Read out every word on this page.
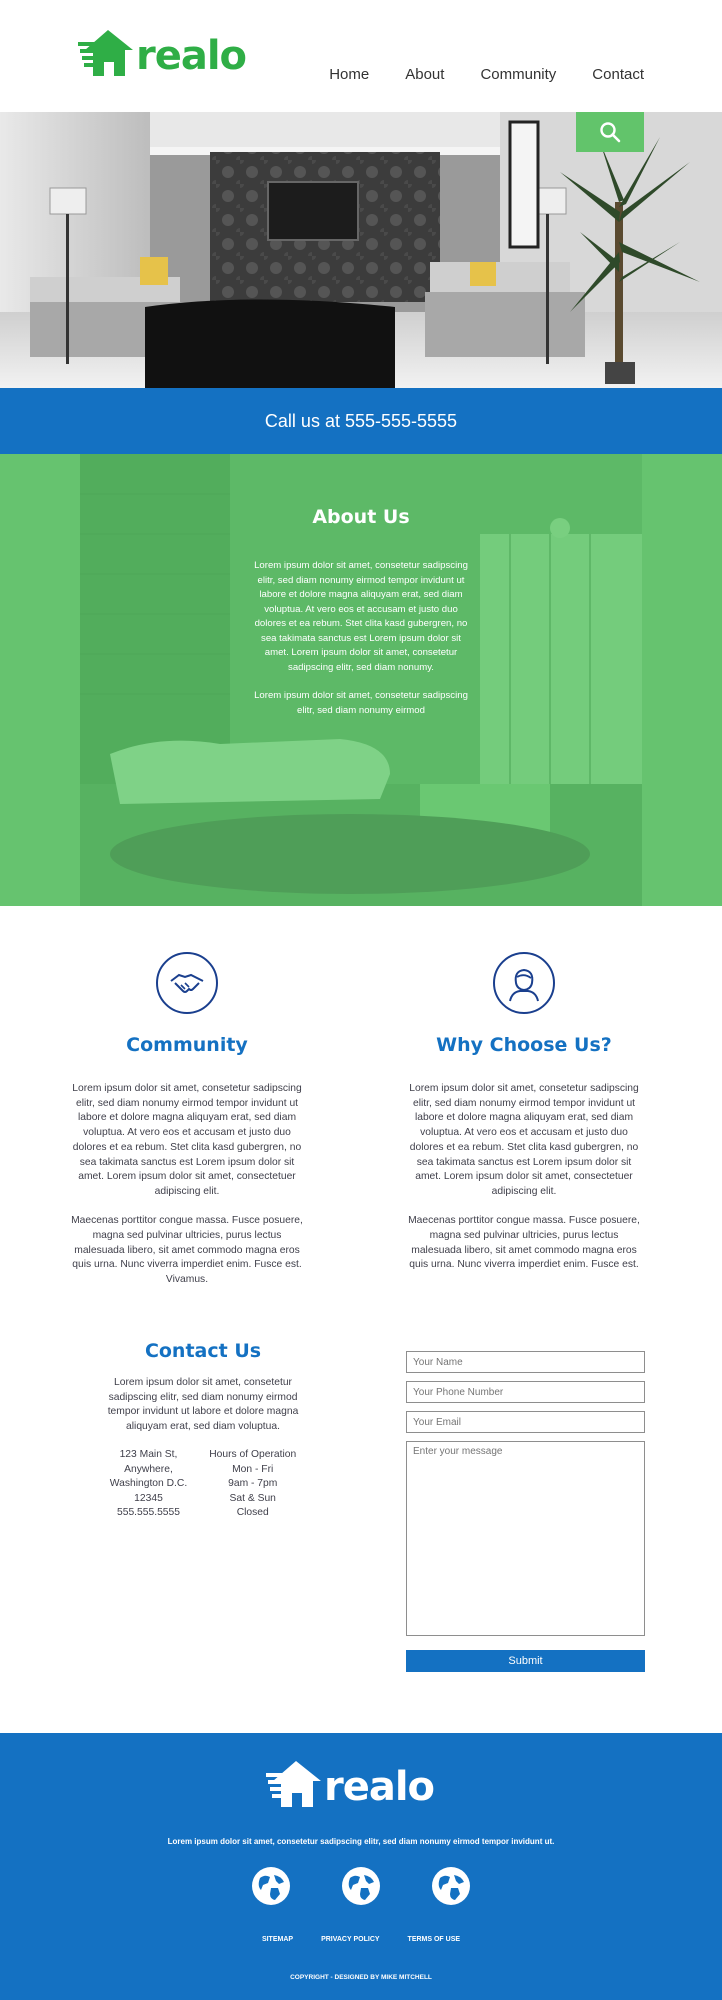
realo	Home About Community Contact
Call us at 555-555-5555
About Us

Lorem ipsum dolor sit amet, consetetur sadipscing elitr, sed diam nonumy eirmod tempor invidunt ut labore et dolore magna aliquyam erat, sed diam voluptua. At vero eos et accusam et justo duo dolores et ea rebum. Stet clita kasd gubergren, no sea takimata sanctus est Lorem ipsum dolor sit amet. Lorem ipsum dolor sit amet, consetetur sadipscing elitr, sed diam nonumy.

Lorem ipsum dolor sit amet, consetetur sadipscing elitr, sed diam nonumy eirmod

Community

Lorem ipsum dolor sit amet, consetetur sadipscing elitr, sed diam nonumy eirmod tempor invidunt ut labore et dolore magna aliquyam erat, sed diam voluptua. At vero eos et accusam et justo duo dolores et ea rebum. Stet clita kasd gubergren, no sea takimata sanctus est Lorem ipsum dolor sit amet. Lorem ipsum dolor sit amet, consectetuer adipiscing elit.

Maecenas porttitor congue massa. Fusce posuere, magna sed pulvinar ultricies, purus lectus malesuada libero, sit amet commodo magna eros quis urna. Nunc viverra imperdiet enim. Fusce est. Vivamus.

Why Choose Us?

Lorem ipsum dolor sit amet, consetetur sadipscing elitr, sed diam nonumy eirmod tempor invidunt ut labore et dolore magna aliquyam erat, sed diam voluptua. At vero eos et accusam et justo duo dolores et ea rebum. Stet clita kasd gubergren, no sea takimata sanctus est Lorem ipsum dolor sit amet. Lorem ipsum dolor sit amet, consectetuer adipiscing elit.

Maecenas porttitor congue massa. Fusce posuere, magna sed pulvinar ultricies, purus lectus malesuada libero, sit amet commodo magna eros quis urna. Nunc viverra imperdiet enim. Fusce est.

Contact Us
Lorem ipsum dolor sit amet, consetetur sadipscing elitr, sed diam nonumy eirmod tempor invidunt ut labore et dolore magna aliquyam erat, sed diam voluptua.
123 Main St,
Anywhere,
Washington D.C.
12345
555.555.5555
Hours of Operation
Mon - Fri
9am - 7pm
Sat & Sun
Closed
Your Name Your Phone Number Your Email Enter your message Submit
realo
Lorem ipsum dolor sit amet, consetetur sadipscing elitr, sed diam nonumy eirmod tempor invidunt ut.
SITEMAP	PRIVACY POLICY	TERMS OF USE
COPYRIGHT - DESIGNED BY MIKE MITCHELL
